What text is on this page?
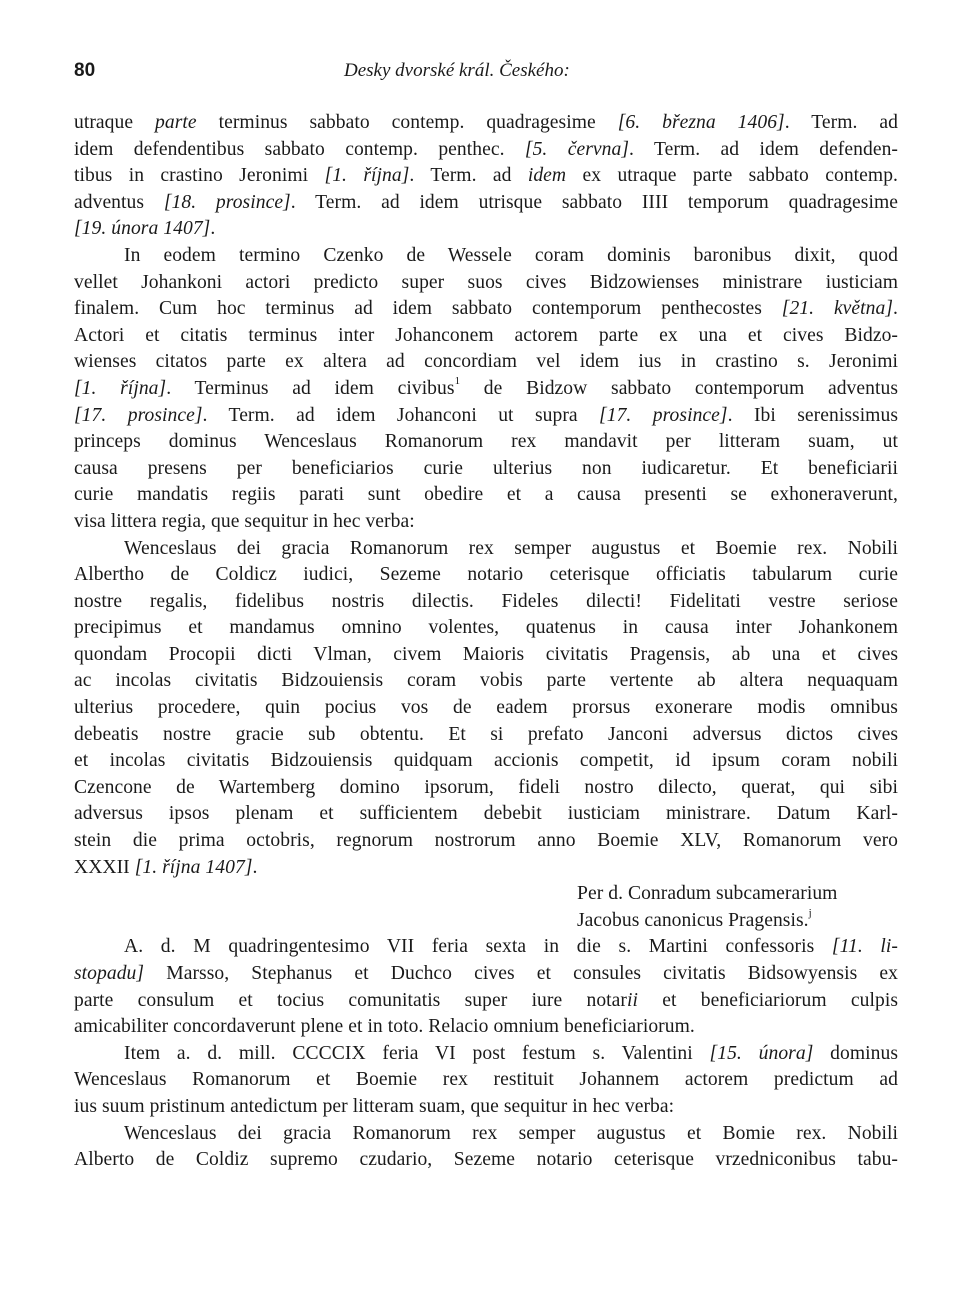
80	Desky dvorské král. Českého:
utraque parte terminus sabbato contemp. quadragesime [6. března 1406]. Term. ad
idem defendentibus sabbato contemp. penthec. [5. června]. Term. ad idem defenden-
tibus in crastino Jeronimi [1. října]. Term. ad idem ex utraque parte sabbato contemp.
adventus [18. prosince]. Term. ad idem utrisque sabbato IIII temporum quadragesime
[19. února 1407].
In eodem termino Czenko de Wessele coram dominis baronibus dixit, quod
vellet Johankoni actori predicto super suos cives Bidzowienses ministrare iusticiam
finalem. Cum hoc terminus ad idem sabbato contemporum penthecostes [21. května].
Actori et citatis terminus inter Johanconem actorem parte ex una et cives Bidzo-
wienses citatos parte ex altera ad concordiam vel idem ius in crastino s. Jeronimi
[1. října]. Terminus ad idem civibus$^1$ de Bidzow sabbato contemporum adventus
[17. prosince]. Term. ad idem Johanconi ut supra [17. prosince]. Ibi serenissimus
princeps dominus Wenceslaus Romanorum rex mandavit per litteram suam, ut
causa presens per beneficiarios curie ulterius non iudicaretur. Et beneficiarii
curie mandatis regiis parati sunt obedire et a causa presenti se exhoneraverunt,
visa littera regia, que sequitur in hec verba:
Wenceslaus dei gracia Romanorum rex semper augustus et Boemie rex. Nobili
Albertho de Coldicz iudici, Sezeme notario ceterisque officiatis tabularum curie
nostre regalis, fidelibus nostris dilectis. Fideles dilecti! Fidelitati vestre seriose
precipimus et mandamus omnino volentes, quatenus in causa inter Johankonem
quondam Procopii dicti Vlman, civem Maioris civitatis Pragensis, ab una et cives
ac incolas civitatis Bidzouiensis coram vobis parte vertente ab altera nequaquam
ulterius procedere, quin pocius vos de eadem prorsus exonerare modis omnibus
debeatis nostre gracie sub obtentu. Et si prefato Janconi adversus dictos cives
et incolas civitatis Bidzouiensis quidquam accionis competit, id ipsum coram nobili
Czencone de Wartemberg domino ipsorum, fideli nostro dilecto, querat, qui sibi
adversus ipsos plenam et sufficientem debebit iusticiam ministrare. Datum Karl-
stein die prima octobris, regnorum nostrorum anno Boemie XLV, Romanorum vero
XXXII [1. října 1407].
Per d. Conradum subcamerarium
Jacobus canonicus Pragensis.$^j$
A. d. M quadringentesimo VII feria sexta in die s. Martini confessoris [11. li-
stopadu] Marsso, Stephanus et Duchco cives et consules civitatis Bidsowyensis ex
parte consulum et tocius comunitatis super iure notarii et beneficiariorum culpis
amicabiliter concordaverunt plene et in toto. Relacio omnium beneficiariorum.
Item a. d. mill. CCCCIX feria VI post festum s. Valentini [15. února] dominus
Wenceslaus Romanorum et Boemie rex restituit Johannem actorem predictum ad
ius suum pristinum antedictum per litteram suam, que sequitur in hec verba:
Wenceslaus dei gracia Romanorum rex semper augustus et Bomie rex. Nobili
Alberto de Coldiz supremo czudario, Sezeme notario ceterisque vrzedniconibus tabu-
